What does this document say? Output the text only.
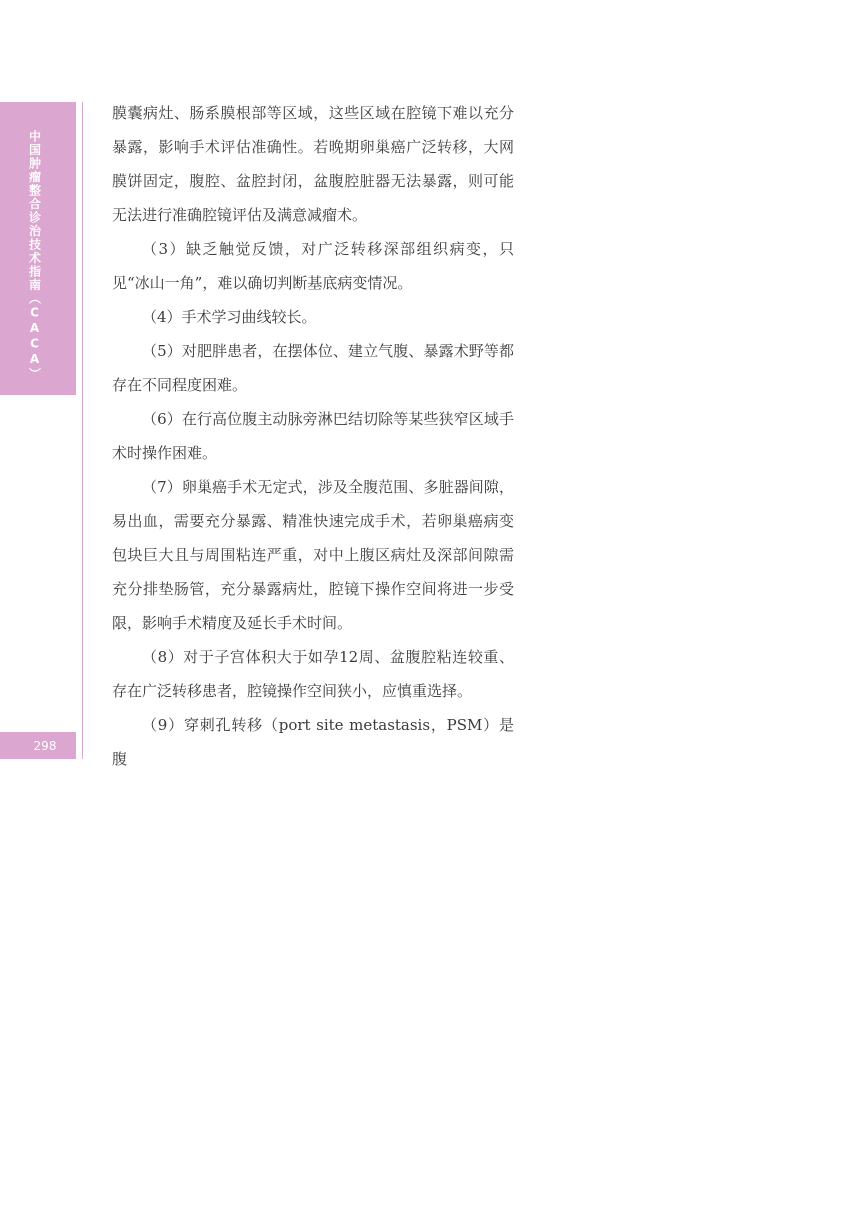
中国肿瘤整合诊治技术指南（CACA）
298

膜囊病灶、肠系膜根部等区域，这些区域在腔镜下难以充分暴露，影响手术评估准确性。若晚期卵巢癌广泛转移，大网膜饼固定，腹腔、盆腔封闭，盆腹腔脏器无法暴露，则可能无法进行准确腔镜评估及满意减瘤术。

（3）缺乏触觉反馈，对广泛转移深部组织病变，只见“冰山一角”，难以确切判断基底病变情况。

（4）手术学习曲线较长。

（5）对肥胖患者，在摆体位、建立气腹、暴露术野等都存在不同程度困难。

（6）在行高位腹主动脉旁淋巴结切除等某些狭窄区域手术时操作困难。

（7）卵巢癌手术无定式，涉及全腹范围、多脏器间隙，易出血，需要充分暴露、精准快速完成手术，若卵巢癌病变包块巨大且与周围粘连严重，对中上腹区病灶及深部间隙需充分排垫肠管，充分暴露病灶，腔镜下操作空间将进一步受限，影响手术精度及延长手术时间。

（8）对于子宫体积大于如孕12周、盆腹腔粘连较重、存在广泛转移患者，腔镜操作空间狭小，应慎重选择。

（9）穿刺孔转移（port site metastasis，PSM）是腹
